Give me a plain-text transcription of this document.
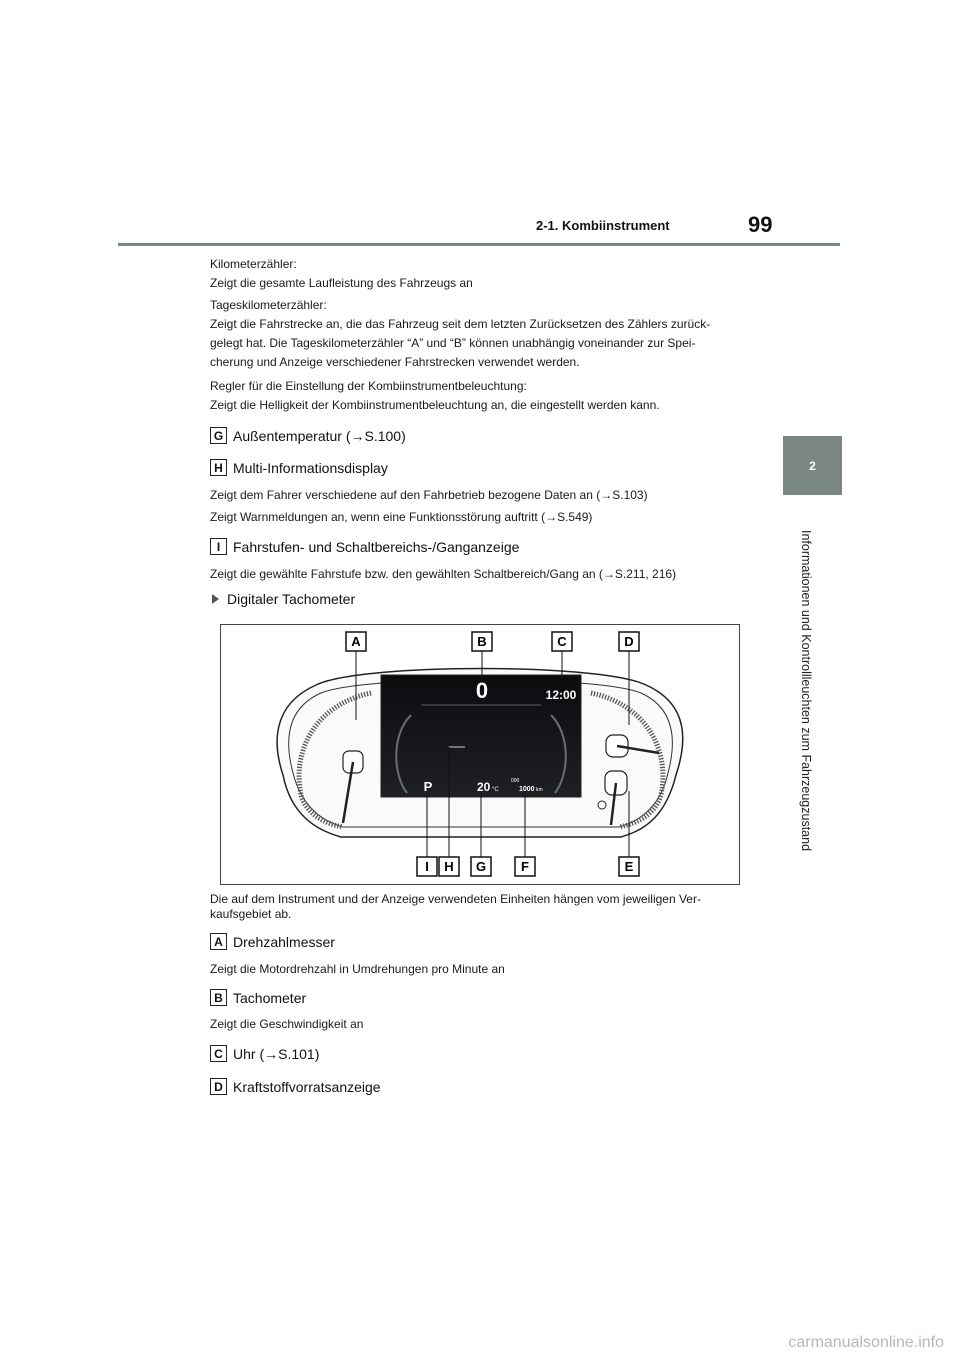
2-1. Kombiinstrument	99
2
Informationen und Kontrollleuchten zum Fahrzeugzustand
Kilometerzähler:
Zeigt die gesamte Laufleistung des Fahrzeugs an
Tageskilometerzähler:
Zeigt die Fahrstrecke an, die das Fahrzeug seit dem letzten Zurücksetzen des Zählers zurück-
gelegt hat. Die Tageskilometerzähler “A” und “B” können unabhängig voneinander zur Spei-
cherung und Anzeige verschiedener Fahrstrecken verwendet werden.
Regler für die Einstellung der Kombiinstrumentbeleuchtung:
Zeigt die Helligkeit der Kombiinstrumentbeleuchtung an, die eingestellt werden kann.
G Außentemperatur (→S.100)
H Multi-Informationsdisplay
Zeigt dem Fahrer verschiedene auf den Fahrbetrieb bezogene Daten an (→S.103)
Zeigt Warnmeldungen an, wenn eine Funktionsstörung auftritt (→S.549)
I Fahrstufen- und Schaltbereichs-/Ganganzeige
Zeigt die gewählte Fahrstufe bzw. den gewählten Schaltbereich/Gang an (→S.211, 216)
Digitaler Tachometer
0	12:00
P	20 °C
000
1000 km
A	B	C	D
I H G	F	E
Die auf dem Instrument und der Anzeige verwendeten Einheiten hängen vom jeweiligen Ver-kaufsgebiet ab.
A Drehzahlmesser
Zeigt die Motordrehzahl in Umdrehungen pro Minute an
B Tachometer
Zeigt die Geschwindigkeit an
C Uhr (→S.101)
D Kraftstoffvorratsanzeige
carmanualsonline.info
